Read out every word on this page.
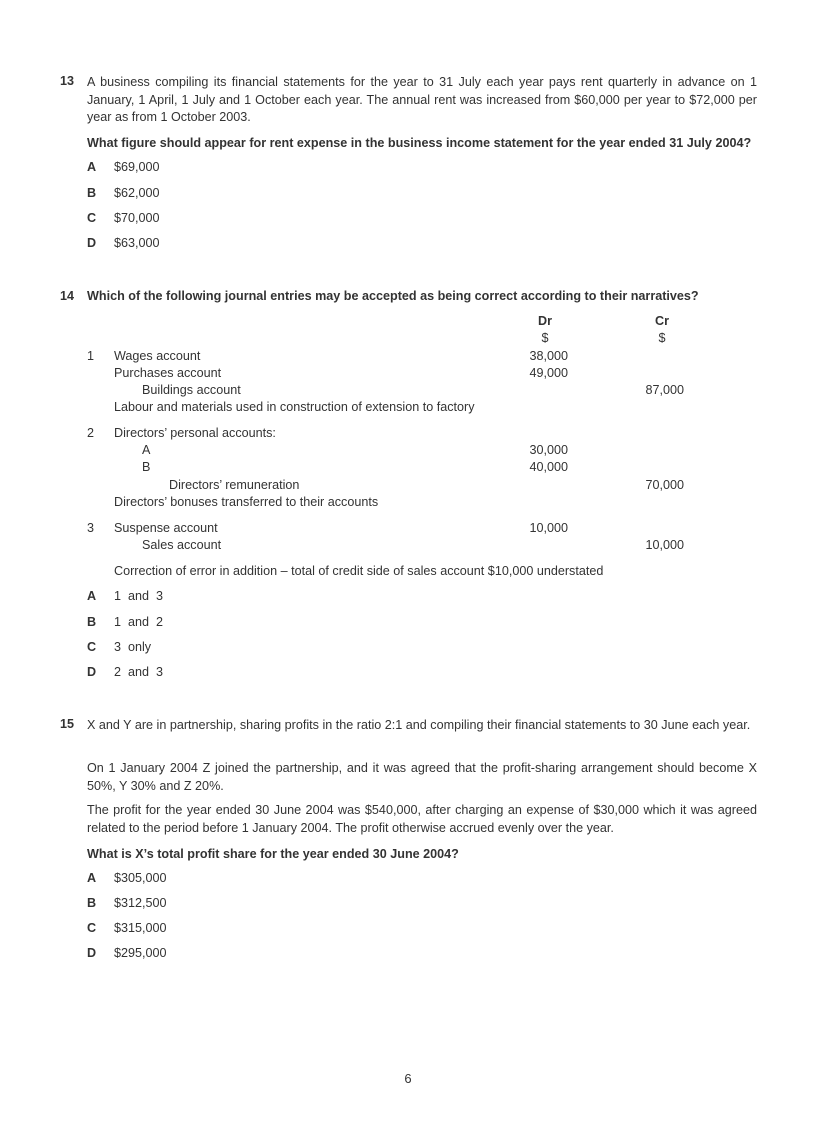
13 A business compiling its financial statements for the year to 31 July each year pays rent quarterly in advance on 1 January, 1 April, 1 July and 1 October each year. The annual rent was increased from $60,000 per year to $72,000 per year as from 1 October 2003.

What figure should appear for rent expense in the business income statement for the year ended 31 July 2004?

A $69,000
B $62,000
C $70,000
D $63,000
14 Which of the following journal entries may be accepted as being correct according to their narratives?
Dr	Cr
$	$
1 Wages account
Purchases account
Buildings account
Labour and materials used in construction of extension to factory
38,000
49,000
87,000
2 Directors’ personal accounts:
A
B
Directors’ remuneration
Directors’ bonuses transferred to their accounts
30,000
40,000
70,000
3 Suspense account
Sales account
Correction of error in addition – total of credit side of sales account $10,000 understated
10,000
10,000
A 1  and  3
B 1  and  2
C 3  only
D 2  and  3
15 X and Y are in partnership, sharing profits in the ratio 2:1 and compiling their financial statements to 30 June each year.

On 1 January 2004 Z joined the partnership, and it was agreed that the profit-sharing arrangement should become X 50%, Y 30% and Z 20%.

The profit for the year ended 30 June 2004 was $540,000, after charging an expense of $30,000 which it was agreed related to the period before 1 January 2004. The profit otherwise accrued evenly over the year.

What is X’s total profit share for the year ended 30 June 2004?

A $305,000
B $312,500
C $315,000
D $295,000
6
